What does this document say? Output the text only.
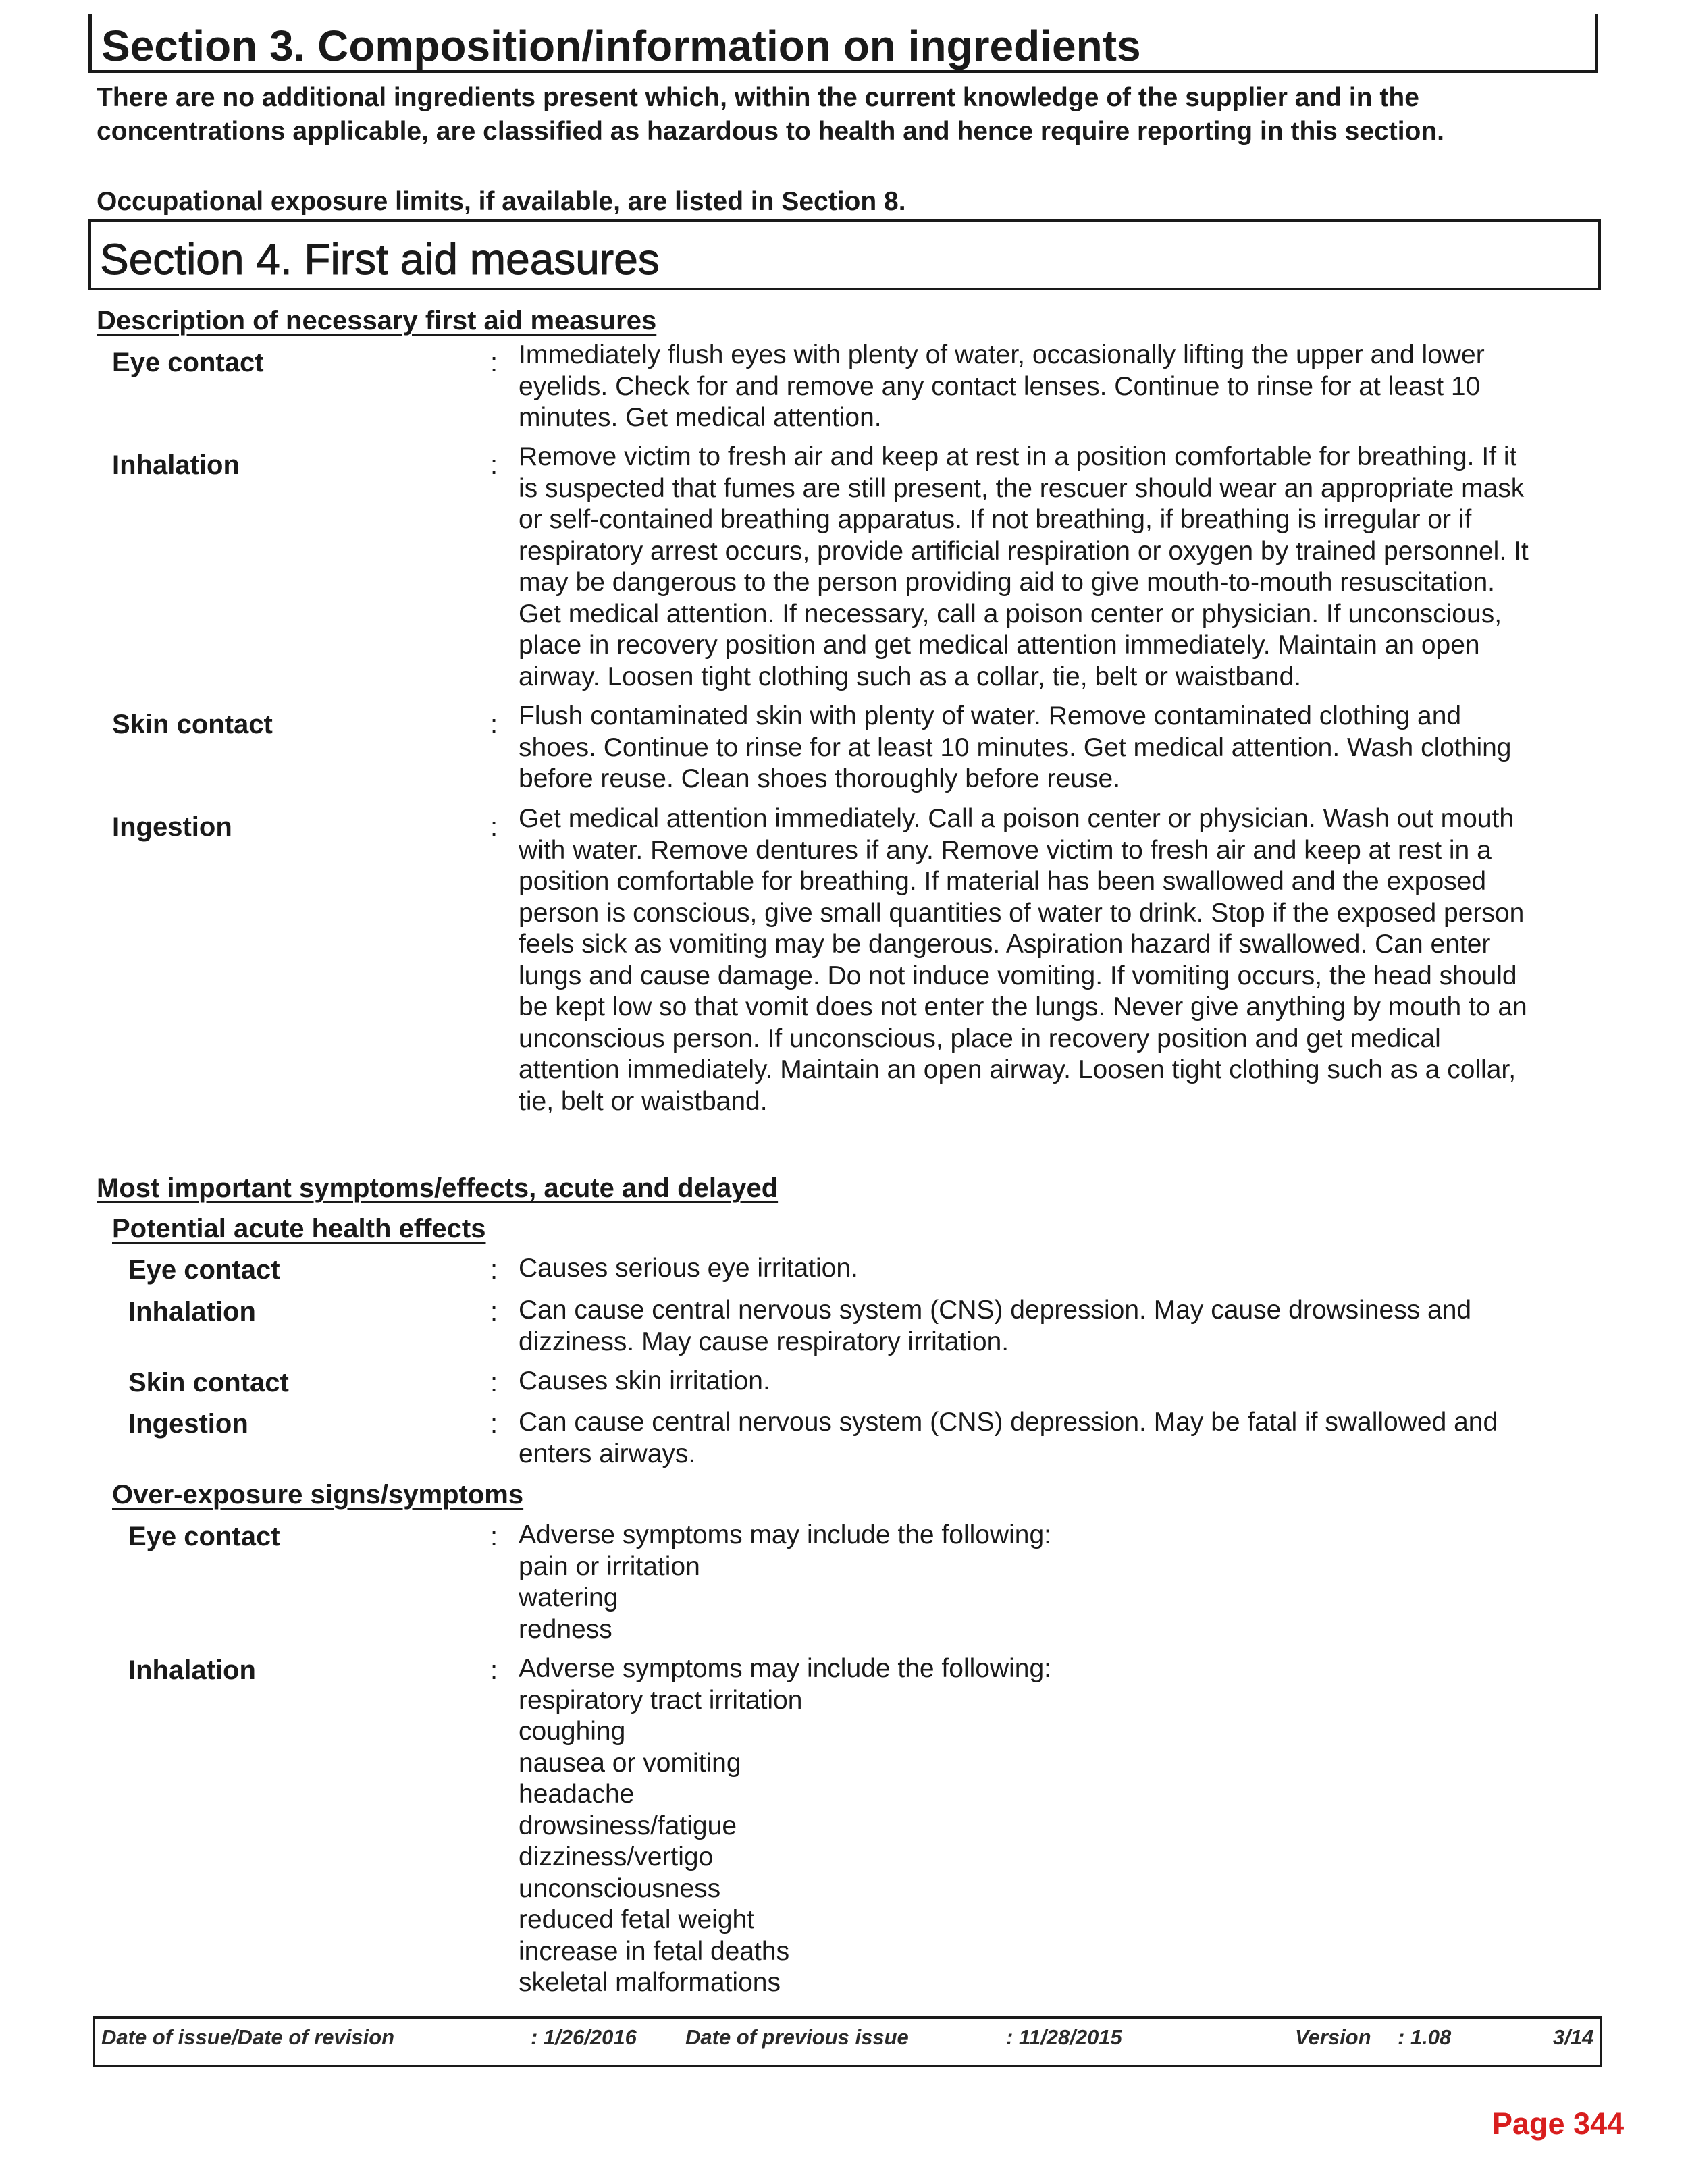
Section 3. Composition/information on ingredients
There are no additional ingredients present which, within the current knowledge of the supplier and in the
concentrations applicable, are classified as hazardous to health and hence require reporting in this section.
Occupational exposure limits, if available, are listed in Section 8.
Section 4. First aid measures
Description of necessary first aid measures
Eye contact	: Immediately flush eyes with plenty of water, occasionally lifting the upper and lower
eyelids. Check for and remove any contact lenses. Continue to rinse for at least 10
minutes. Get medical attention.
Inhalation	: Remove victim to fresh air and keep at rest in a position comfortable for breathing. If it
is suspected that fumes are still present, the rescuer should wear an appropriate mask
or self-contained breathing apparatus. If not breathing, if breathing is irregular or if
respiratory arrest occurs, provide artificial respiration or oxygen by trained personnel. It
may be dangerous to the person providing aid to give mouth-to-mouth resuscitation.
Get medical attention. If necessary, call a poison center or physician. If unconscious,
place in recovery position and get medical attention immediately. Maintain an open
airway. Loosen tight clothing such as a collar, tie, belt or waistband.
Skin contact	: Flush contaminated skin with plenty of water. Remove contaminated clothing and
shoes. Continue to rinse for at least 10 minutes. Get medical attention. Wash clothing
before reuse. Clean shoes thoroughly before reuse.
Ingestion	: Get medical attention immediately. Call a poison center or physician. Wash out mouth
with water. Remove dentures if any. Remove victim to fresh air and keep at rest in a
position comfortable for breathing. If material has been swallowed and the exposed
person is conscious, give small quantities of water to drink. Stop if the exposed person
feels sick as vomiting may be dangerous. Aspiration hazard if swallowed. Can enter
lungs and cause damage. Do not induce vomiting. If vomiting occurs, the head should
be kept low so that vomit does not enter the lungs. Never give anything by mouth to an
unconscious person. If unconscious, place in recovery position and get medical
attention immediately. Maintain an open airway. Loosen tight clothing such as a collar,
tie, belt or waistband.
Most important symptoms/effects, acute and delayed
Potential acute health effects
Eye contact	: Causes serious eye irritation.
Inhalation	: Can cause central nervous system (CNS) depression. May cause drowsiness and
dizziness. May cause respiratory irritation.
Skin contact	: Causes skin irritation.
Ingestion	: Can cause central nervous system (CNS) depression. May be fatal if swallowed and
enters airways.
Over-exposure signs/symptoms
Eye contact	: Adverse symptoms may include the following:
pain or irritation
watering
redness
Inhalation	: Adverse symptoms may include the following:
respiratory tract irritation
coughing
nausea or vomiting
headache
drowsiness/fatigue
dizziness/vertigo
unconsciousness
reduced fetal weight
increase in fetal deaths
skeletal malformations
Date of issue/Date of revision	: 1/26/2016 Date of previous issue	: 11/28/2015	Version : 1.08	3/14
Page 344
